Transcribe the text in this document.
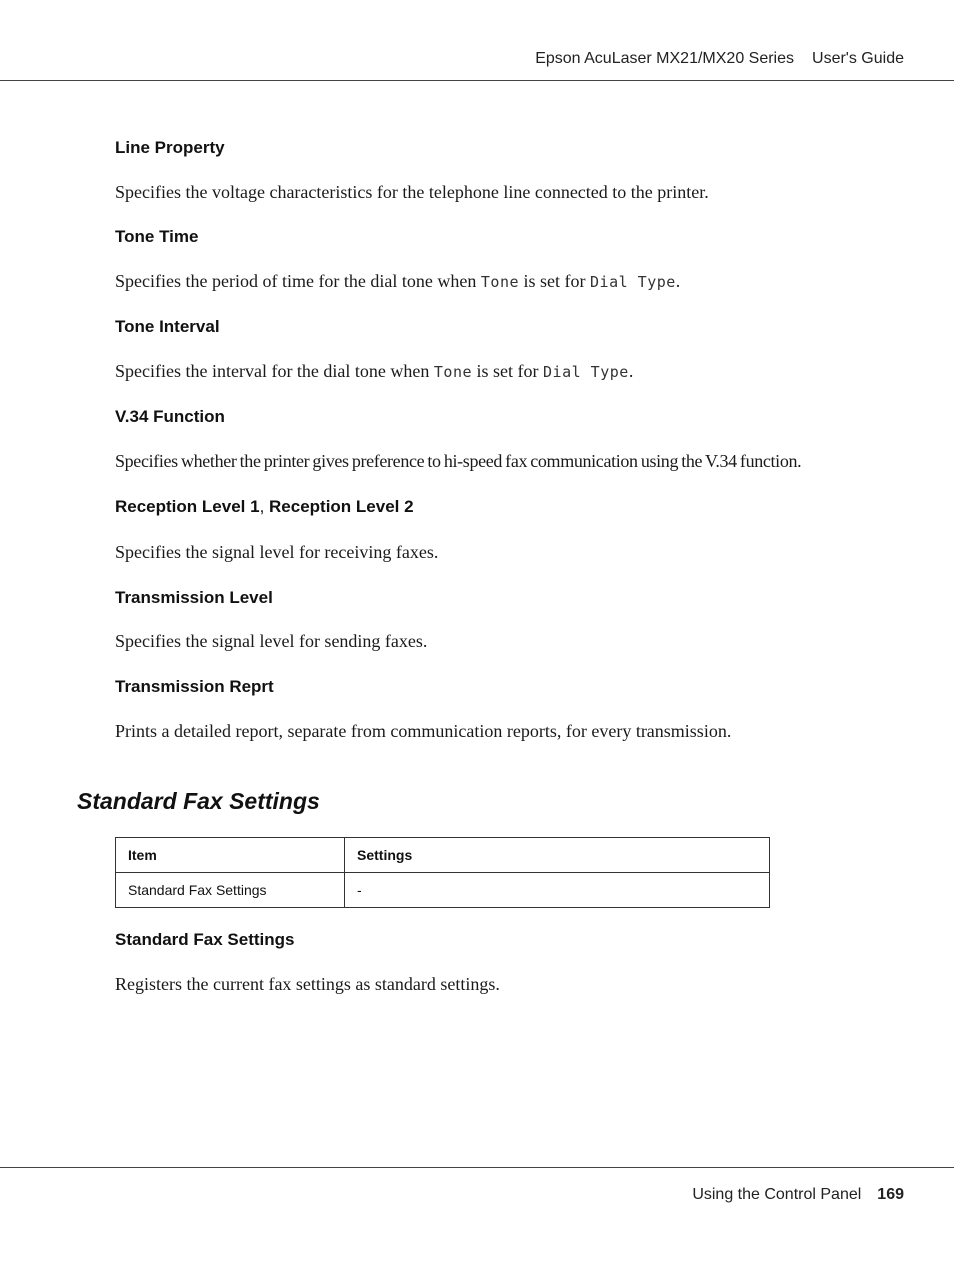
Epson AcuLaser MX21/MX20 Series User's Guide
Line Property
Specifies the voltage characteristics for the telephone line connected to the printer.
Tone Time
Specifies the period of time for the dial tone when Tone is set for Dial Type.
Tone Interval
Specifies the interval for the dial tone when Tone is set for Dial Type.
V.34 Function
Specifies whether the printer gives preference to hi-speed fax communication using the V.34 function.
Reception Level 1, Reception Level 2
Specifies the signal level for receiving faxes.
Transmission Level
Specifies the signal level for sending faxes.
Transmission Reprt
Prints a detailed report, separate from communication reports, for every transmission.
Standard Fax Settings
Item	Settings
Standard Fax Settings	-
Standard Fax Settings
Registers the current fax settings as standard settings.
Using the Control Panel 169
